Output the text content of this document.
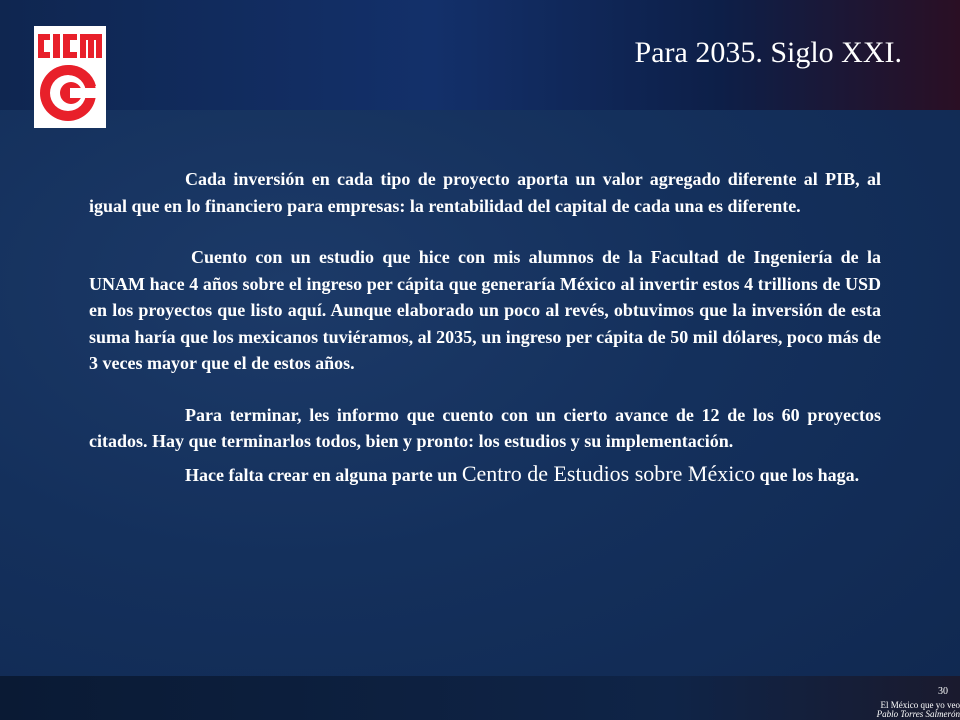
Para 2035. Siglo XXI.

Cada inversión en cada tipo de proyecto aporta un valor agregado diferente al PIB, al igual que en lo financiero para empresas: la rentabilidad del capital de cada una es diferente.

Cuento con un estudio que hice con mis alumnos de la Facultad de Ingeniería de la UNAM hace 4 años sobre el ingreso per cápita que generaría México al invertir estos 4 trillions de USD en los proyectos que listo aquí. Aunque elaborado un poco al revés, obtuvimos que la inversión de esta suma haría que los mexicanos tuviéramos, al 2035, un ingreso per cápita de 50 mil dólares, poco más de 3 veces mayor que el de estos años.

Para terminar, les informo que cuento con un cierto avance de 12 de los 60 proyectos citados. Hay que terminarlos todos, bien y pronto: los estudios y su implementación.

Hace falta crear en alguna parte un Centro de Estudios sobre México que los haga.

30
El México que yo veo
Pablo Torres Salmerón
